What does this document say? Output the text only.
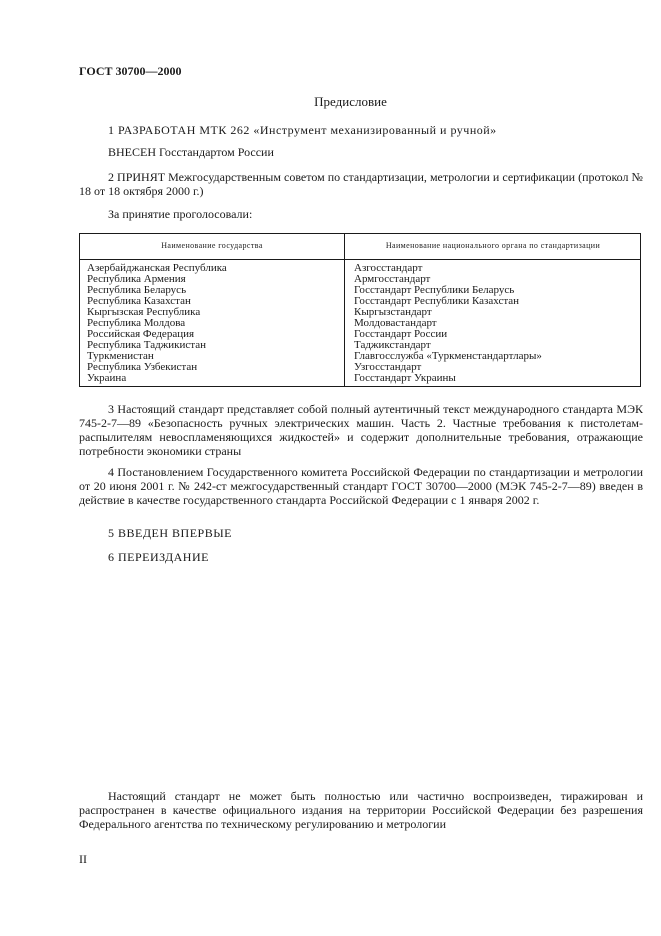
ГОСТ 30700—2000
Предисловие
1 РАЗРАБОТАН МТК 262 «Инструмент механизированный и ручной»
ВНЕСЕН Госстандартом России
2 ПРИНЯТ Межгосударственным советом по стандартизации, метрологии и сертификации (протокол № 18 от 18 октября 2000 г.)
За принятие проголосовали:
Наименование государства	Наименование национального органа по стандартизации
Азербайджанская Республика
Республика Армения
Республика Беларусь
Республика Казахстан
Кыргызская Республика
Республика Молдова
Российская Федерация
Республика Таджикистан
Туркменистан
Республика Узбекистан
Украина
Азгосстандарт
Армгосстандарт
Госстандарт Республики Беларусь
Госстандарт Республики Казахстан
Кыргызстандарт
Молдовастандарт
Госстандарт России
Таджикстандарт
Главгосслужба «Туркменстандартлары»
Узгосстандарт
Госстандарт Украины
3 Настоящий стандарт представляет собой полный аутентичный текст международного стандарта МЭК 745-2-7—89 «Безопасность ручных электрических машин. Часть 2. Частные требования к пистолетам-распылителям невоспламеняющихся жидкостей» и содержит дополнительные требования, отражающие потребности экономики страны
4 Постановлением Государственного комитета Российской Федерации по стандартизации и метрологии от 20 июня 2001 г. № 242-ст межгосударственный стандарт ГОСТ 30700—2000 (МЭК 745-2-7—89) введен в действие в качестве государственного стандарта Российской Федерации с 1 января 2002 г.
5 ВВЕДЕН ВПЕРВЫЕ
6 ПЕРЕИЗДАНИЕ
Настоящий стандарт не может быть полностью или частично воспроизведен, тиражирован и распространен в качестве официального издания на территории Российской Федерации без разрешения Федерального агентства по техническому регулированию и метрологии
II
